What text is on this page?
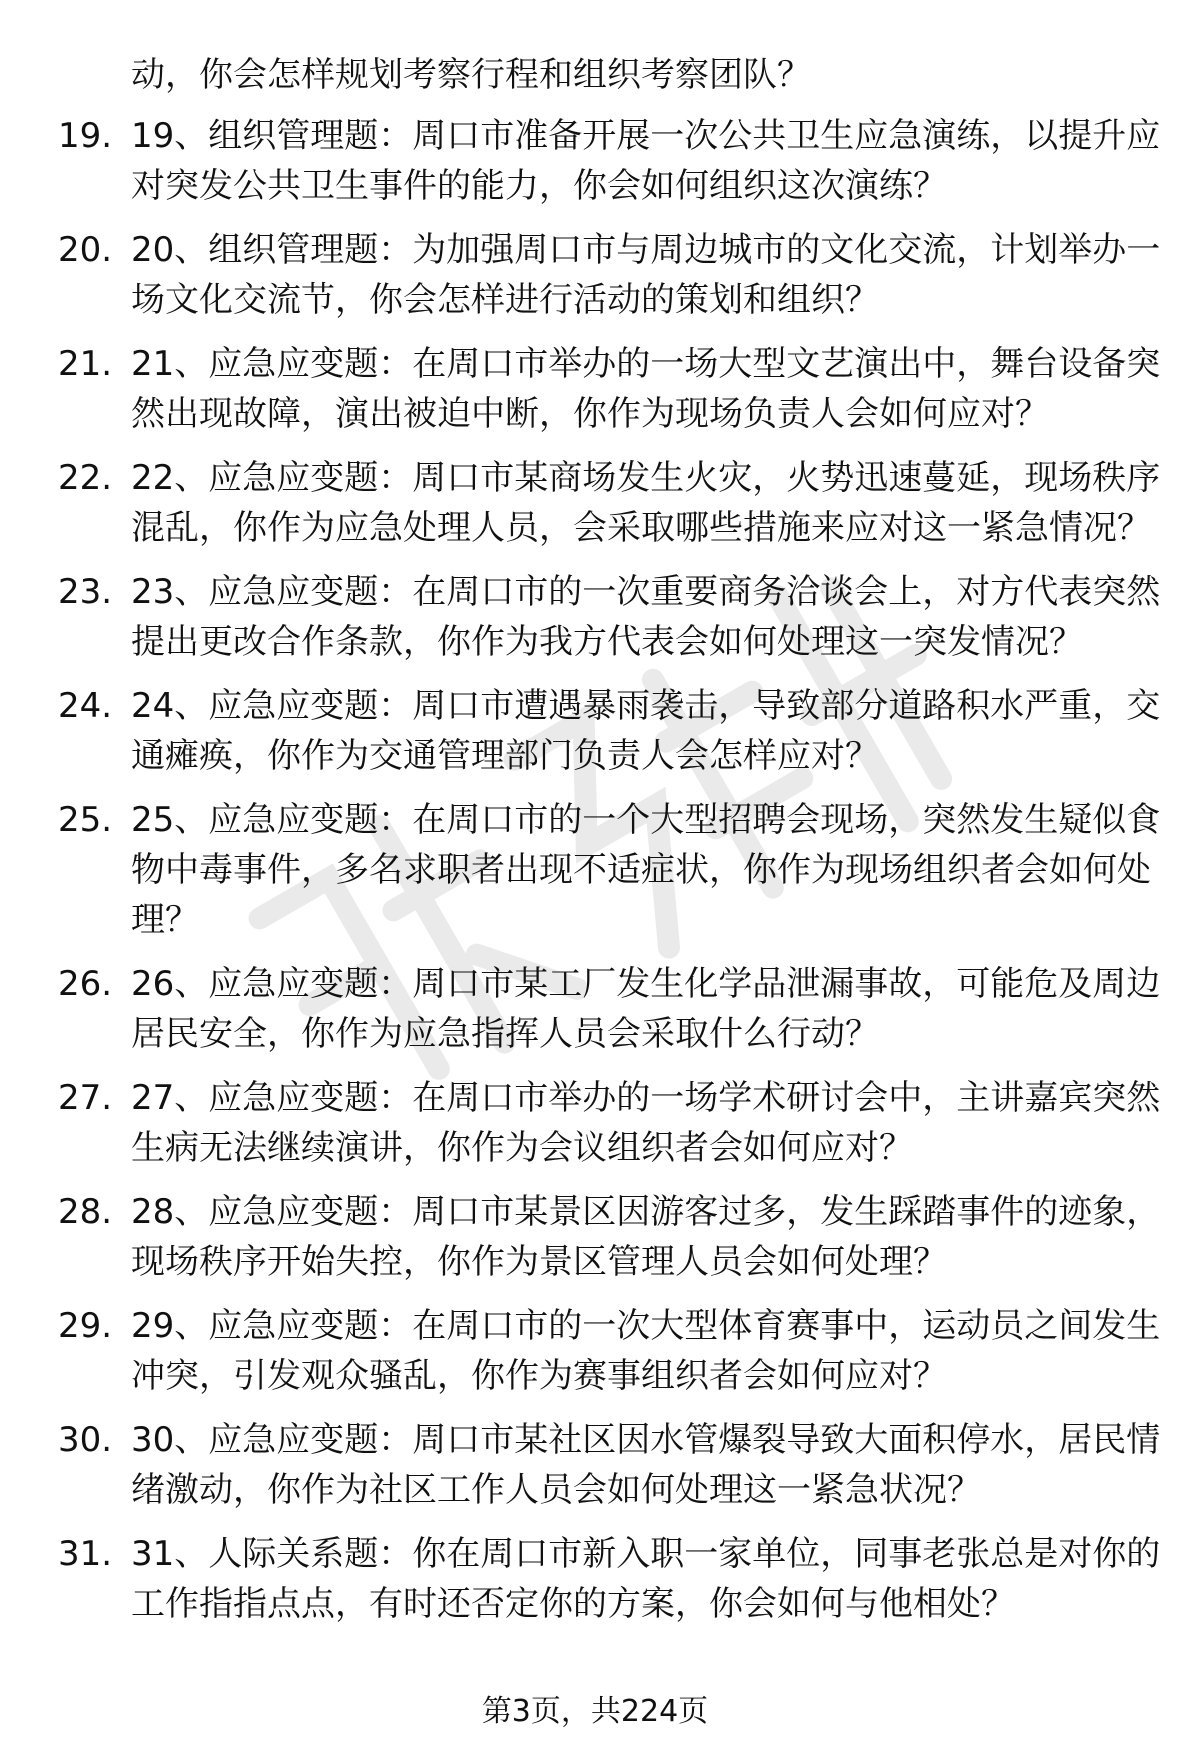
动，你会怎样规划考察行程和组织考察团队？
19. 19、组织管理题：周口市准备开展一次公共卫生应急演练，以提升应对突发公共卫生事件的能力，你会如何组织这次演练？
20. 20、组织管理题：为加强周口市与周边城市的文化交流，计划举办一场文化交流节，你会怎样进行活动的策划和组织？
21. 21、应急应变题：在周口市举办的一场大型文艺演出中，舞台设备突然出现故障，演出被迫中断，你作为现场负责人会如何应对？
22. 22、应急应变题：周口市某商场发生火灾，火势迅速蔓延，现场秩序混乱，你作为应急处理人员，会采取哪些措施来应对这一紧急情况？
23. 23、应急应变题：在周口市的一次重要商务洽谈会上，对方代表突然提出更改合作条款，你作为我方代表会如何处理这一突发情况？
24. 24、应急应变题：周口市遭遇暴雨袭击，导致部分道路积水严重，交通瘫痪，你作为交通管理部门负责人会怎样应对？
25. 25、应急应变题：在周口市的一个大型招聘会现场，突然发生疑似食物中毒事件，多名求职者出现不适症状，你作为现场组织者会如何处理？
26. 26、应急应变题：周口市某工厂发生化学品泄漏事故，可能危及周边居民安全，你作为应急指挥人员会采取什么行动？
27. 27、应急应变题：在周口市举办的一场学术研讨会中，主讲嘉宾突然生病无法继续演讲，你作为会议组织者会如何应对？
28. 28、应急应变题：周口市某景区因游客过多，发生踩踏事件的迹象，现场秩序开始失控，你作为景区管理人员会如何处理？
29. 29、应急应变题：在周口市的一次大型体育赛事中，运动员之间发生冲突，引发观众骚乱，你作为赛事组织者会如何应对？
30. 30、应急应变题：周口市某社区因水管爆裂导致大面积停水，居民情绪激动，你作为社区工作人员会如何处理这一紧急状况？
31. 31、人际关系题：你在周口市新入职一家单位，同事老张总是对你的工作指指点点，有时还否定你的方案，你会如何与他相处？
第3页，共224页
